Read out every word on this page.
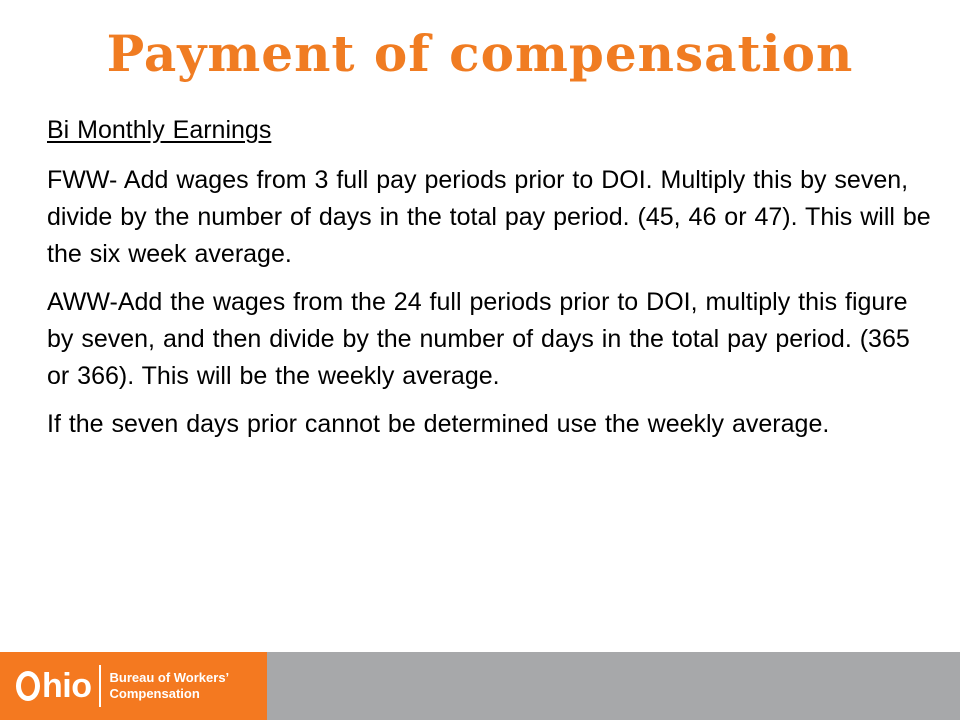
Payment of compensation

Bi Monthly Earnings

FWW- Add wages from 3 full pay periods prior to DOI. Multiply this by seven, divide by the number of days in the total pay period. (45, 46 or 47). This will be the six week average.

AWW-Add the wages from the 24 full periods prior to DOI, multiply this figure by seven, and then divide by the number of days in the total pay period. (365 or 366). This will be the weekly average.

If the seven days prior cannot be determined use the weekly average.

hio Bureau of Workers’
Compensation
